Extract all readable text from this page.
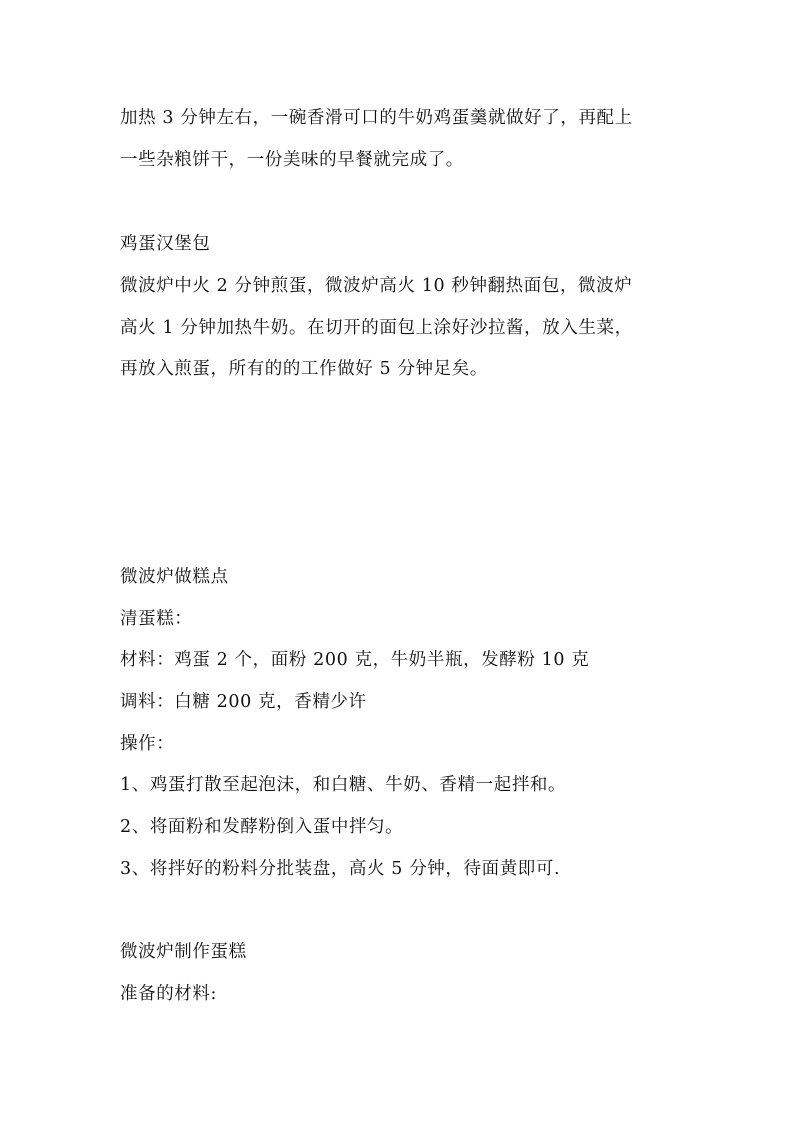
加热 3 分钟左右，一碗香滑可口的牛奶鸡蛋羹就做好了，再配上
一些杂粮饼干，一份美味的早餐就完成了。
鸡蛋汉堡包
微波炉中火 2 分钟煎蛋，微波炉高火 10 秒钟翻热面包，微波炉
高火 1 分钟加热牛奶。在切开的面包上涂好沙拉酱，放入生菜，
再放入煎蛋，所有的的工作做好 5 分钟足矣。
微波炉做糕点
清蛋糕：
材料：鸡蛋 2 个，面粉 200 克，牛奶半瓶，发酵粉 10 克
调料：白糖 200 克，香精少许
操作：
1、鸡蛋打散至起泡沫，和白糖、牛奶、香精一起拌和。
2、将面粉和发酵粉倒入蛋中拌匀。
3、将拌好的粉料分批装盘，高火 5 分钟，待面黄即可.
微波炉制作蛋糕
准备的材料:
